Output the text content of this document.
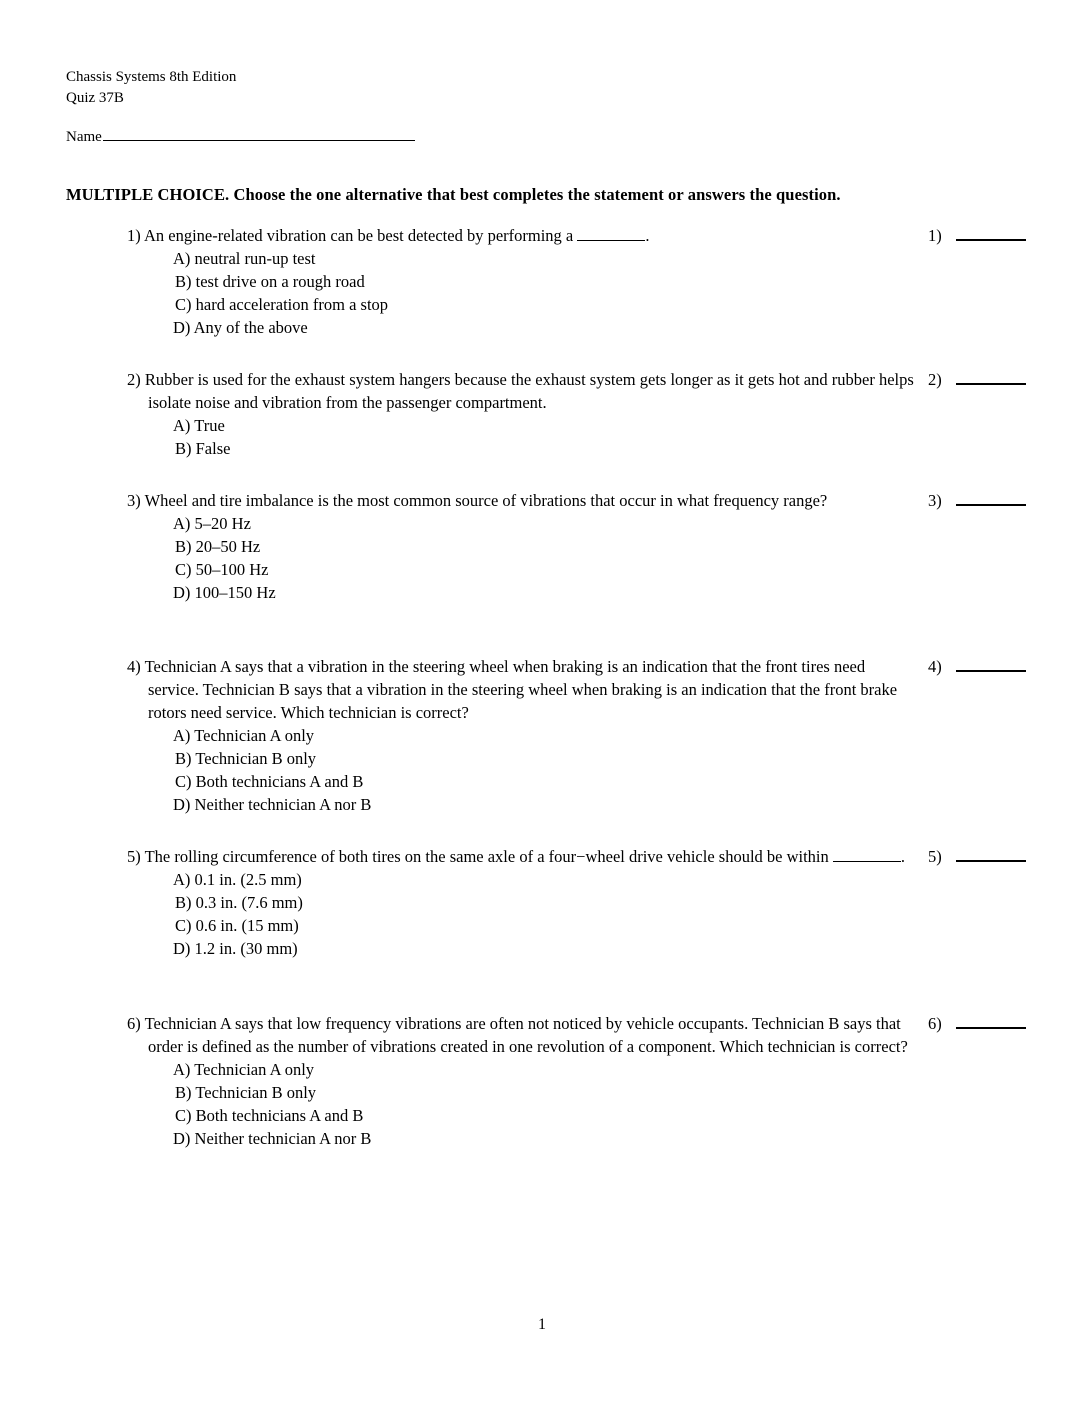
Chassis Systems 8th Edition
Quiz 37B
Name
MULTIPLE CHOICE. Choose the one alternative that best completes the statement or answers the question.
1) An engine-related vibration can be best detected by performing a	.
A) neutral run-up test
B) test drive on a rough road
C) hard acceleration from a stop
D) Any of the above
1)
2) Rubber is used for the exhaust system hangers because the exhaust system gets longer as it gets hot and rubber helps isolate noise and vibration from the passenger compartment.
A) True
B) False
2)
3) Wheel and tire imbalance is the most common source of vibrations that occur in what frequency range?
A) 5–20 Hz
B) 20–50 Hz
C) 50–100 Hz
D) 100–150 Hz
3)
4) Technician A says that a vibration in the steering wheel when braking is an indication that the front tires need service. Technician B says that a vibration in the steering wheel when braking is an indication that the front brake rotors need service. Which technician is correct?
A) Technician A only
B) Technician B only
C) Both technicians A and B
D) Neither technician A nor B
4)
5) The rolling circumference of both tires on the same axle of a four−wheel drive vehicle should be within	.
A) 0.1 in. (2.5 mm)
B) 0.3 in. (7.6 mm)
C) 0.6 in. (15 mm)
D) 1.2 in. (30 mm)
5)
6) Technician A says that low frequency vibrations are often not noticed by vehicle occupants. Technician B says that order is defined as the number of vibrations created in one revolution of a component. Which technician is correct?
A) Technician A only
B) Technician B only
C) Both technicians A and B
D) Neither technician A nor B
6)
1
